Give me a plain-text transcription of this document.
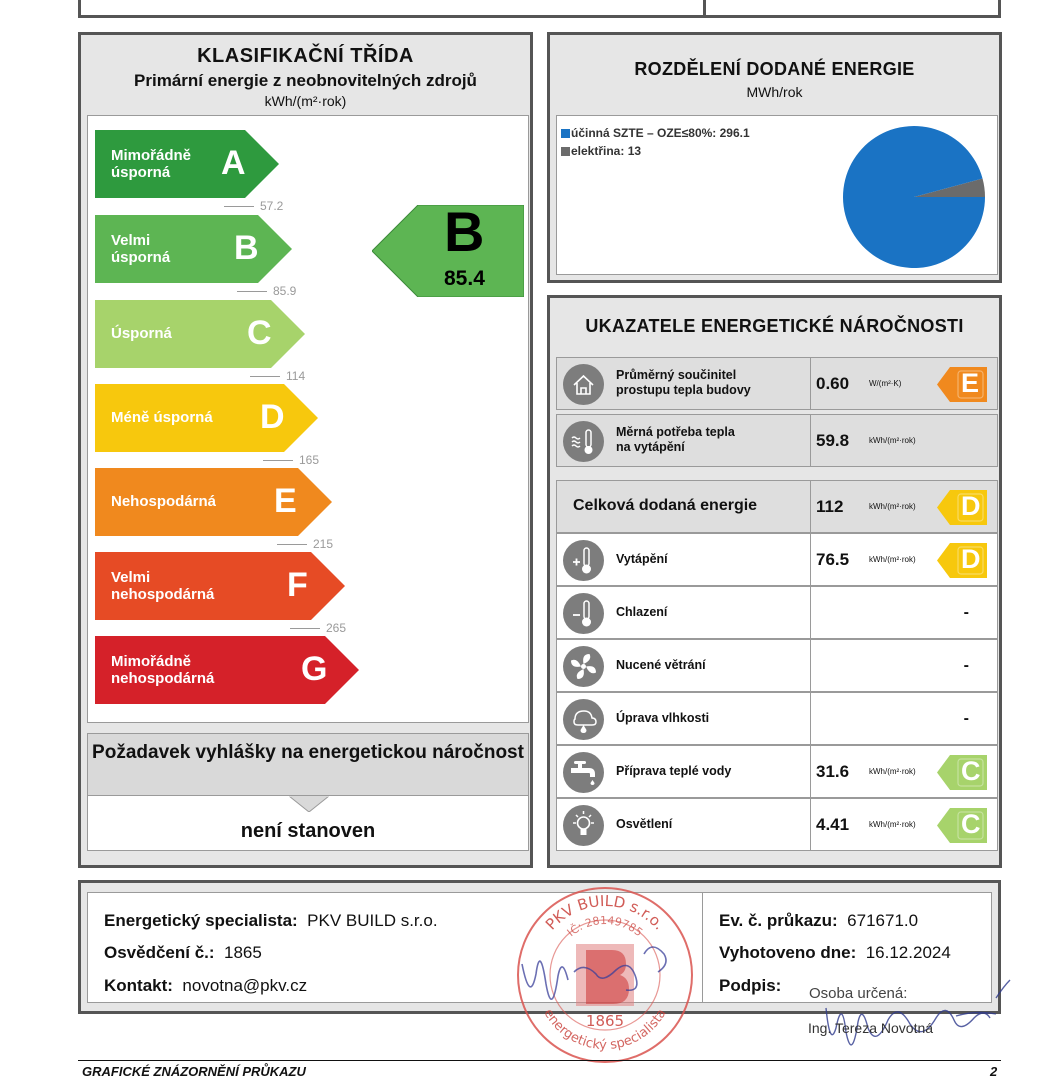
KLASIFIKAČNÍ TŘÍDA
Primární energie z neobnovitelných zdrojů
kWh/(m²·rok)
B
85.4
Mimořádně
úsporná	A
Velmi
úsporná B
Úsporná C
Méně úsporná D
Nehospodárná E
Velmi
nehospodárná F
Mimořádně
nehospodárná	G
57.2
85.9
114
165
215
265
Požadavek vyhlášky na energetickou náročnost
není stanoven
ROZDĚLENÍ DODANÉ ENERGIE
MWh/rok
účinná SZTE – OZE≤80%: 296.1
elektřina: 13
UKAZATELE ENERGETICKÉ NÁROČNOSTI
Průměrný součinitel
prostupu tepla budovy	0.60 W/(m²·K) E
Měrná potřeba tepla
na vytápění	59.8 kWh/(m²·rok)
Celková dodaná energie	112	kWh/(m²·rok) D
Vytápění	76.5 kWh/(m²·rok) D
Chlazení	-
Nucené větrání	-
Úprava vlhkosti	-
Příprava teplé vody	31.6 kWh/(m²·rok) C
Osvětlení	4.41 kWh/(m²·rok) C
Energetický specialista: PKV BUILD s.r.o.
Osvědčení č.: 1865
Kontakt: novotna@pkv.cz
Ev. č. průkazu: 671671.0
Vyhotoveno dne: 16.12.2024
Podpis: Osoba určená:
PKV BUILD s.r.o.
IČ: 28149785
energetický specialista
1865	Ing. Tereza Novotná
GRAFICKÉ ZNÁZORNĚNÍ PRŮKAZU	2
